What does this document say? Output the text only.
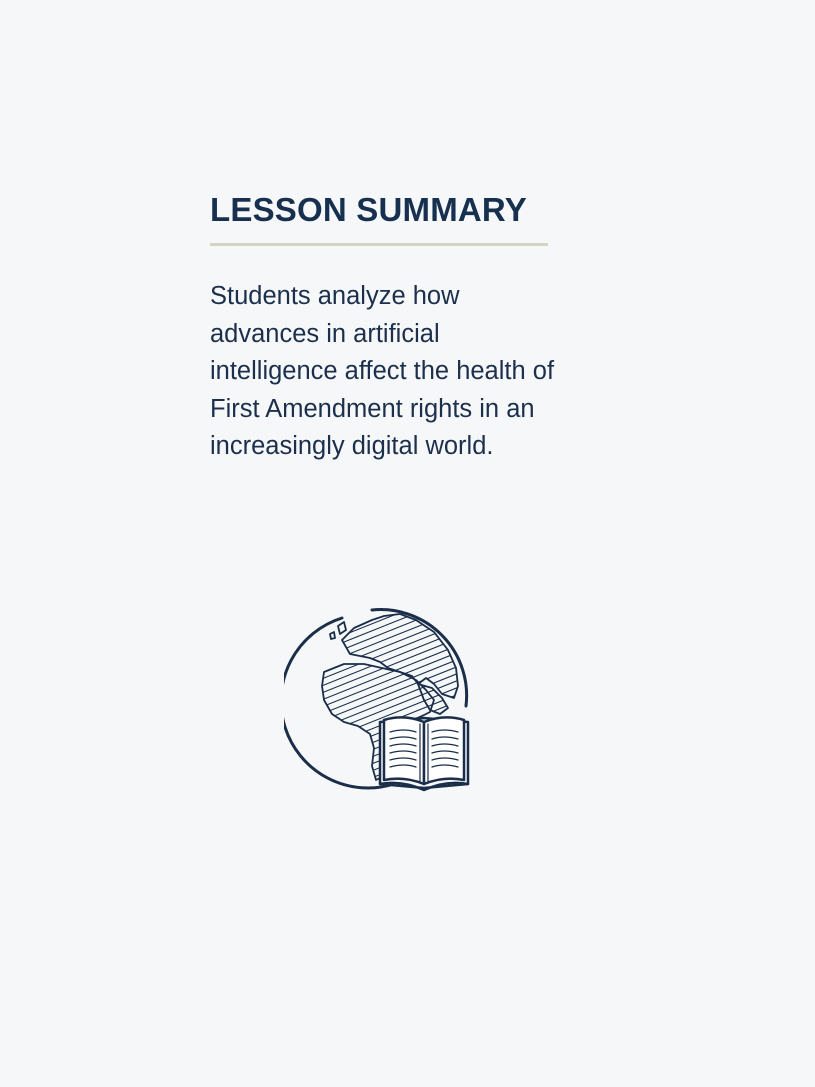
LESSON SUMMARY

Students analyze how advances in artificial intelligence affect the health of First Amendment rights in an increasingly digital world.
